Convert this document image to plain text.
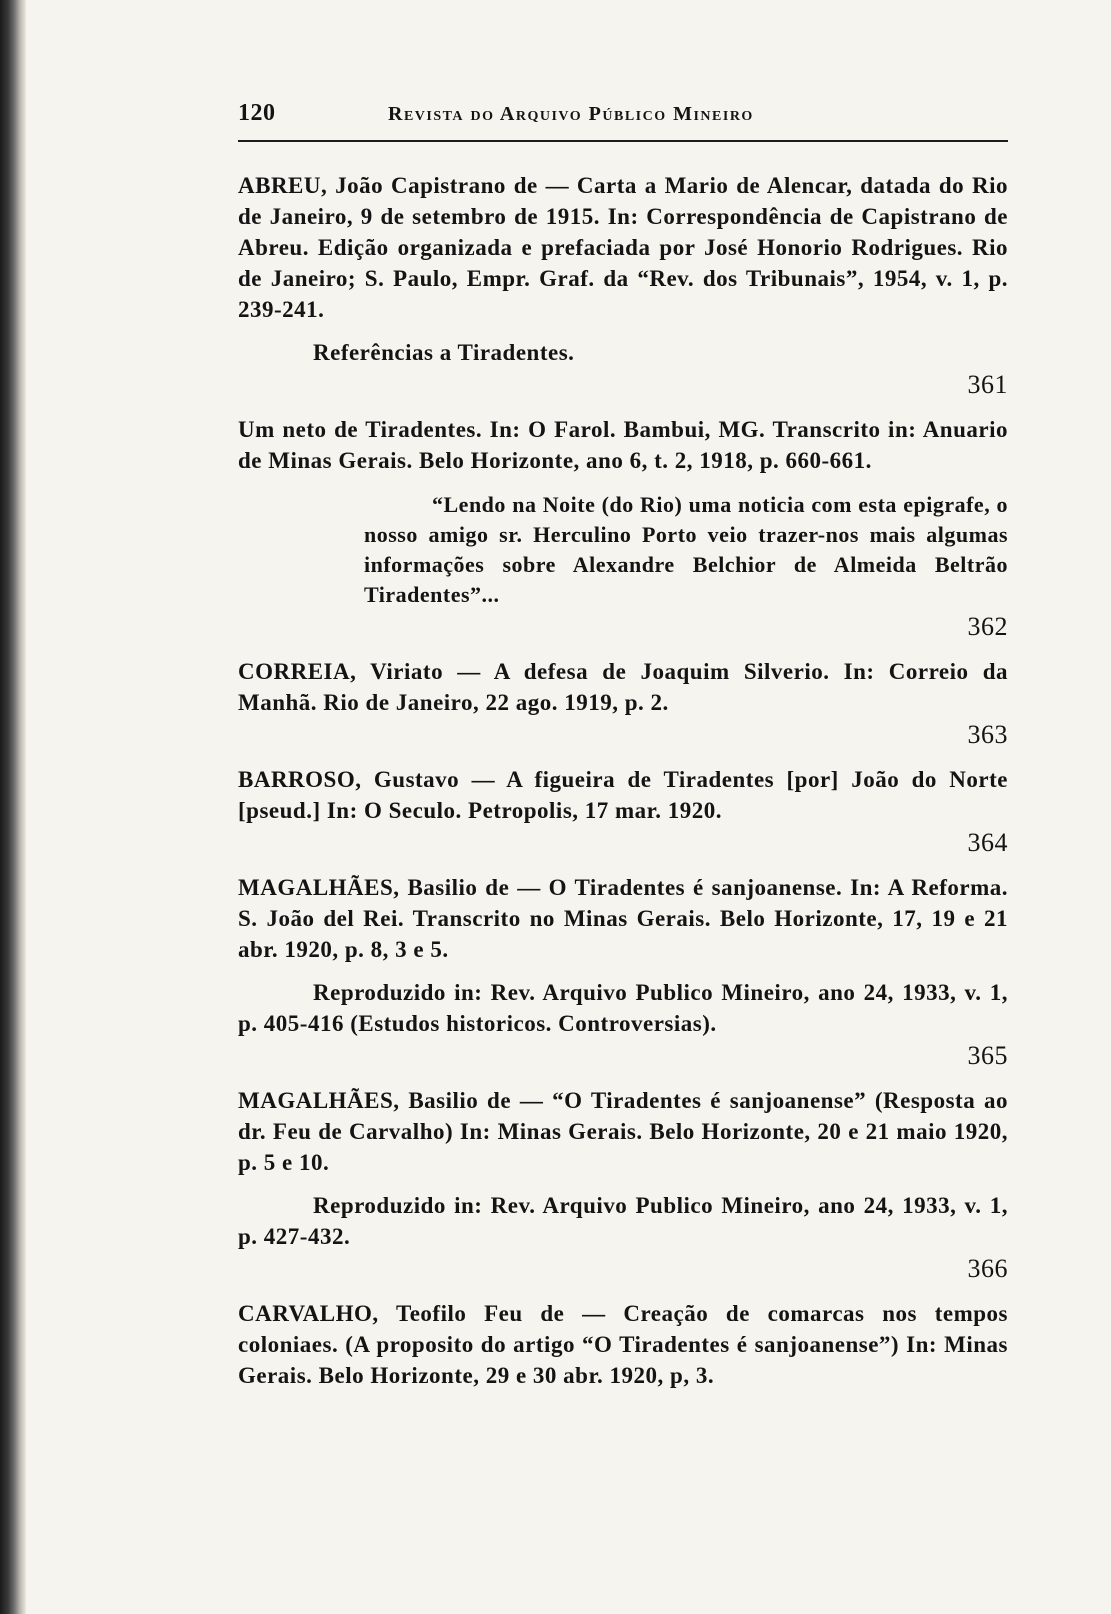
120	Revista do Arquivo Público Mineiro

ABREU, João Capistrano de — Carta a Mario de Alencar, datada do Rio de Janeiro, 9 de setembro de 1915. In: Correspondência de Capistrano de Abreu. Edição organizada e prefaciada por José Honorio Rodrigues. Rio de Janeiro; S. Paulo, Empr. Graf. da “Rev. dos Tribunais”, 1954, v. 1, p. 239-241.

Referências a Tiradentes.

361

Um neto de Tiradentes. In: O Farol. Bambui, MG. Transcrito in: Anuario de Minas Gerais. Belo Horizonte, ano 6, t. 2, 1918, p. 660-661.

“Lendo na Noite (do Rio) uma noticia com esta epigrafe, o nosso amigo sr. Herculino Porto veio trazer-nos mais algumas informações sobre Alexandre Belchior de Almeida Beltrão Tiradentes”...

362

CORREIA, Viriato — A defesa de Joaquim Silverio. In: Correio da Manhã. Rio de Janeiro, 22 ago. 1919, p. 2.

363

BARROSO, Gustavo — A figueira de Tiradentes [por] João do Norte [pseud.] In: O Seculo. Petropolis, 17 mar. 1920.

364

MAGALHÃES, Basilio de — O Tiradentes é sanjoanense. In: A Reforma. S. João del Rei. Transcrito no Minas Gerais. Belo Horizonte, 17, 19 e 21 abr. 1920, p. 8, 3 e 5.

Reproduzido in: Rev. Arquivo Publico Mineiro, ano 24, 1933, v. 1, p. 405-416 (Estudos historicos. Controversias).

365

MAGALHÃES, Basilio de — “O Tiradentes é sanjoanense” (Resposta ao dr. Feu de Carvalho) In: Minas Gerais. Belo Horizonte, 20 e 21 maio 1920, p. 5 e 10.

Reproduzido in: Rev. Arquivo Publico Mineiro, ano 24, 1933, v. 1, p. 427-432.

366

CARVALHO, Teofilo Feu de — Creação de comarcas nos tempos coloniaes. (A proposito do artigo “O Tiradentes é sanjoanense”) In: Minas Gerais. Belo Horizonte, 29 e 30 abr. 1920, p, 3.
